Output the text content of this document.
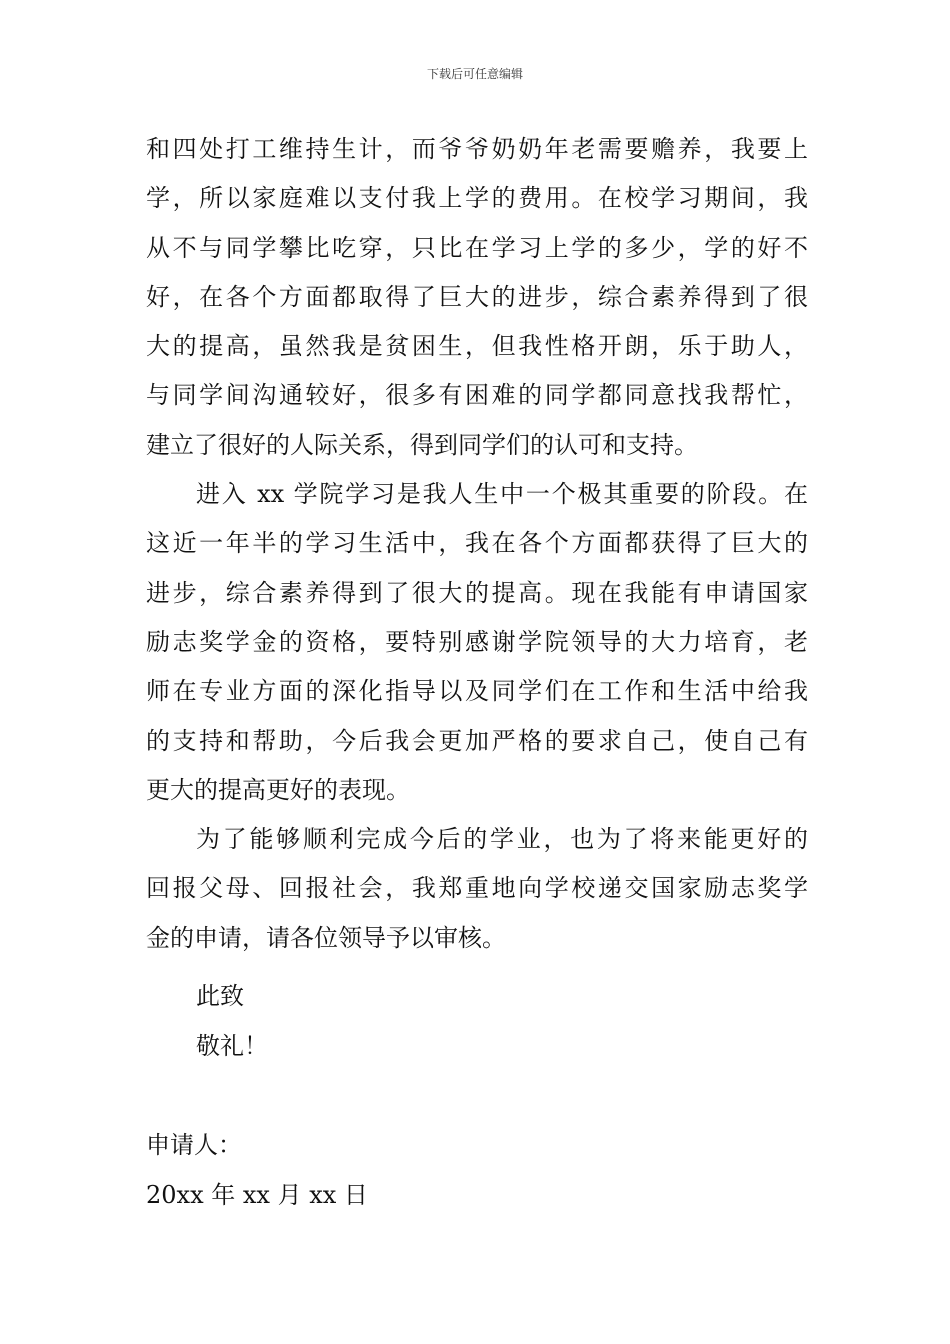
下载后可任意编辑
和四处打工维持生计，而爷爷奶奶年老需要赡养，我要上
学，所以家庭难以支付我上学的费用。在校学习期间，我
从不与同学攀比吃穿，只比在学习上学的多少，学的好不
好，在各个方面都取得了巨大的进步，综合素养得到了很
大的提高，虽然我是贫困生，但我性格开朗，乐于助人，
与同学间沟通较好，很多有困难的同学都同意找我帮忙，
建立了很好的人际关系，得到同学们的认可和支持。
进入 xx 学院学习是我人生中一个极其重要的阶段。在
这近一年半的学习生活中，我在各个方面都获得了巨大的
进步，综合素养得到了很大的提高。现在我能有申请国家
励志奖学金的资格，要特别感谢学院领导的大力培育，老
师在专业方面的深化指导以及同学们在工作和生活中给我
的支持和帮助，今后我会更加严格的要求自己，使自己有
更大的提高更好的表现。
为了能够顺利完成今后的学业，也为了将来能更好的
回报父母、回报社会，我郑重地向学校递交国家励志奖学
金的申请，请各位领导予以审核。
此致
敬礼！
申请人：
20xx 年 xx 月 xx 日
